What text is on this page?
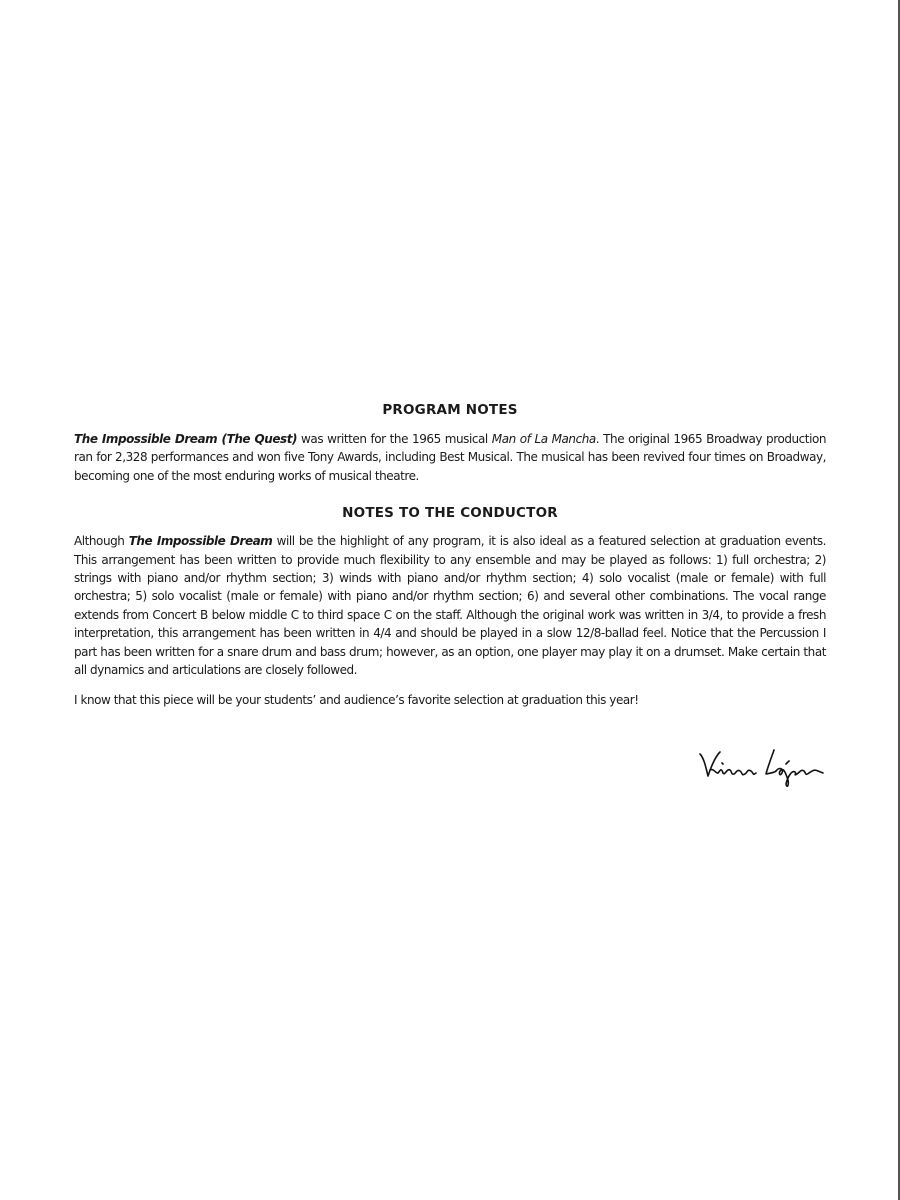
PROGRAM NOTES

The Impossible Dream (The Quest) was written for the 1965 musical Man of La Mancha. The original 1965 Broadway production ran for 2,328 performances and won five Tony Awards, including Best Musical. The musical has been revived four times on Broadway, becoming one of the most enduring works of musical theatre.

NOTES TO THE CONDUCTOR

Although The Impossible Dream will be the highlight of any program, it is also ideal as a featured selection at graduation events. This arrangement has been written to provide much flexibility to any ensemble and may be played as follows: 1) full orchestra; 2) strings with piano and/or rhythm section; 3) winds with piano and/or rhythm section; 4) solo vocalist (male or female) with full orchestra; 5) solo vocalist (male or female) with piano and/or rhythm section; 6) and several other combinations. The vocal range extends from Concert B below middle C to third space C on the staff. Although the original work was written in 3/4, to provide a fresh interpretation, this arrangement has been written in 4/4 and should be played in a slow 12/8-ballad feel. Notice that the Percussion I part has been written for a snare drum and bass drum; however, as an option, one player may play it on a drumset. Make certain that all dynamics and articulations are closely followed.

I know that this piece will be your students’ and audience’s favorite selection at graduation this year!
